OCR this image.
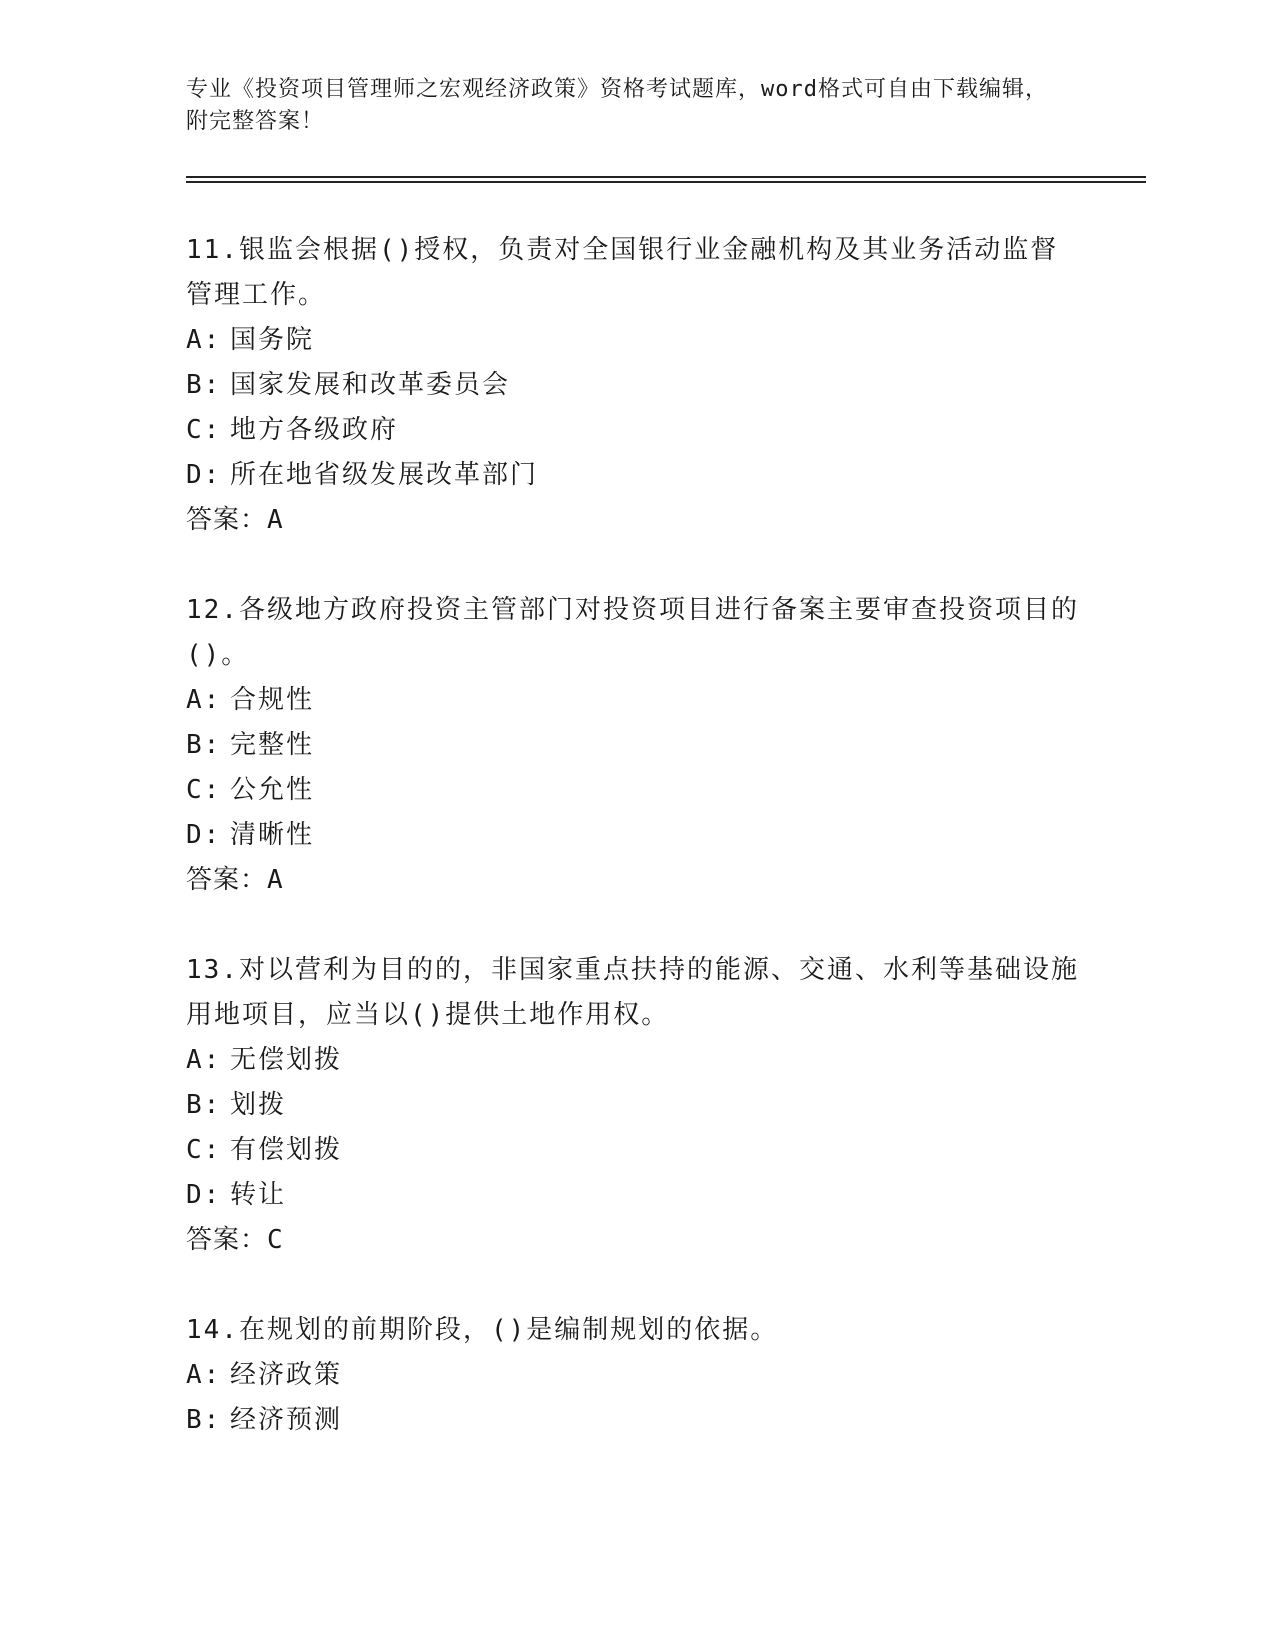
专业《投资项目管理师之宏观经济政策》资格考试题库，word格式可自由下载编辑，附完整答案！

11.银监会根据()授权，负责对全国银行业金融机构及其业务活动监督管理工作。

A: 国务院

B: 国家发展和改革委员会

C: 地方各级政府

D: 所在地省级发展改革部门

答案：A

12.各级地方政府投资主管部门对投资项目进行备案主要审查投资项目的()。

A: 合规性

B: 完整性

C: 公允性

D: 清晰性

答案：A

13.对以营利为目的的，非国家重点扶持的能源、交通、水利等基础设施用地项目，应当以()提供土地作用权。

A: 无偿划拨

B: 划拨

C: 有偿划拨

D: 转让

答案：C

14.在规划的前期阶段，()是编制规划的依据。

A: 经济政策

B: 经济预测
